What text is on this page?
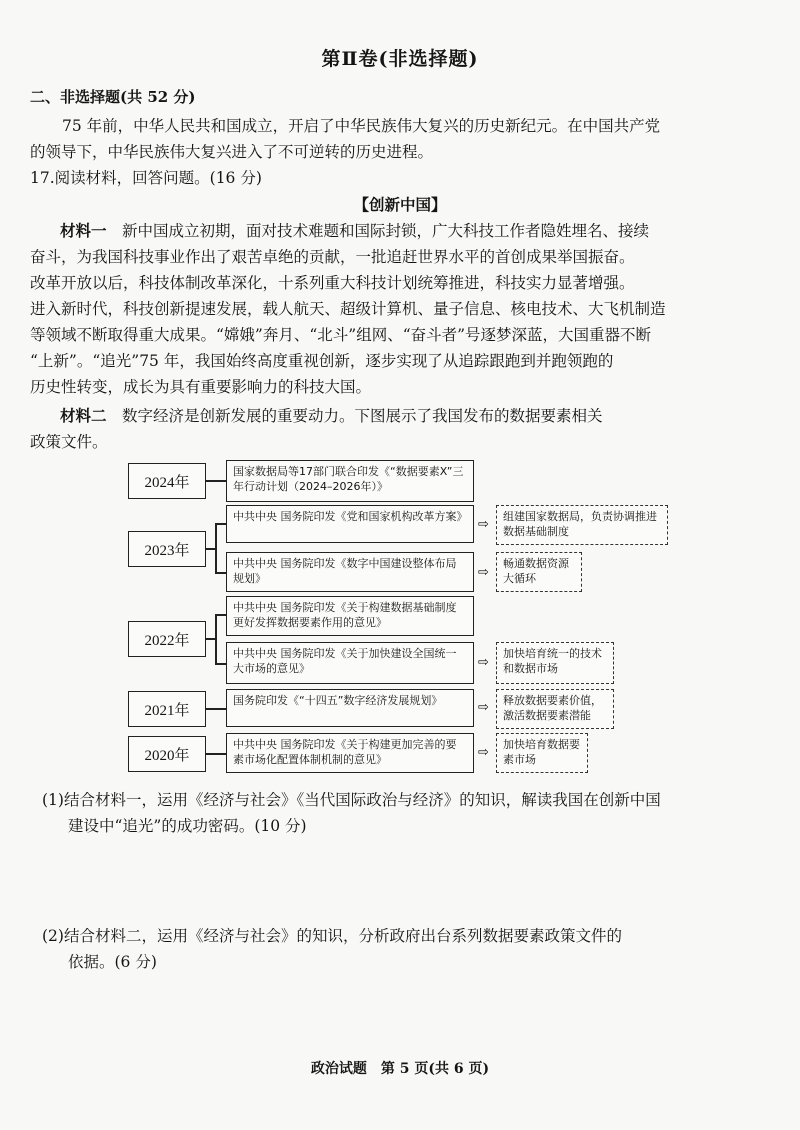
第Ⅱ卷(非选择题)
二、非选择题(共 52 分)
75 年前，中华人民共和国成立，开启了中华民族伟大复兴的历史新纪元。在中国共产党
的领导下，中华民族伟大复兴进入了不可逆转的历史进程。
17.阅读材料，回答问题。(16 分)
【创新中国】
材料一　 新中国成立初期，面对技术难题和国际封锁，广大科技工作者隐姓埋名、接续
奋斗，为我国科技事业作出了艰苦卓绝的贡献，一批追赶世界水平的首创成果举国振奋。
改革开放以后，科技体制改革深化，十系列重大科技计划统筹推进，科技实力显著增强。
进入新时代，科技创新提速发展，载人航天、超级计算机、量子信息、核电技术、大飞机制造
等领域不断取得重大成果。“嫦娥”奔月、“北斗”组网、“奋斗者”号逐梦深蓝，大国重器不断
“上新”。“追光”75 年，我国始终高度重视创新，逐步实现了从追踪跟跑到并跑领跑的
历史性转变，成长为具有重要影响力的科技大国。
材料二　 数字经济是创新发展的重要动力。下图展示了我国发布的数据要素相关
政策文件。
2024年
2023年
2022年
2021年
2020年
国家数据局等17部门联合印发《“数据要素X”三年行动计划（2024–2026年）》
中共中央 国务院印发《党和国家机构改革方案》
中共中央 国务院印发《数字中国建设整体布局规划》
中共中央 国务院印发《关于构建数据基础制度更好发挥数据要素作用的意见》
中共中央 国务院印发《关于加快建设全国统一大市场的意见》
国务院印发《“十四五”数字经济发展规划》
中共中央 国务院印发《关于构建更加完善的要素市场化配置体制机制的意见》
⇨
⇨
⇨
⇨
⇨
组建国家数据局，负责协调推进数据基础制度
畅通数据资源大循环
加快培育统一的技术和数据市场
释放数据要素价值，激活数据要素潜能
加快培育数据要素市场
(1)结合材料一，运用《经济与社会》《当代国际政治与经济》的知识，解读我国在创新中国
建设中“追光”的成功密码。(10 分)
(2)结合材料二，运用《经济与社会》的知识，分析政府出台系列数据要素政策文件的
依据。(6 分)
政治试题　第 5 页(共 6 页)
